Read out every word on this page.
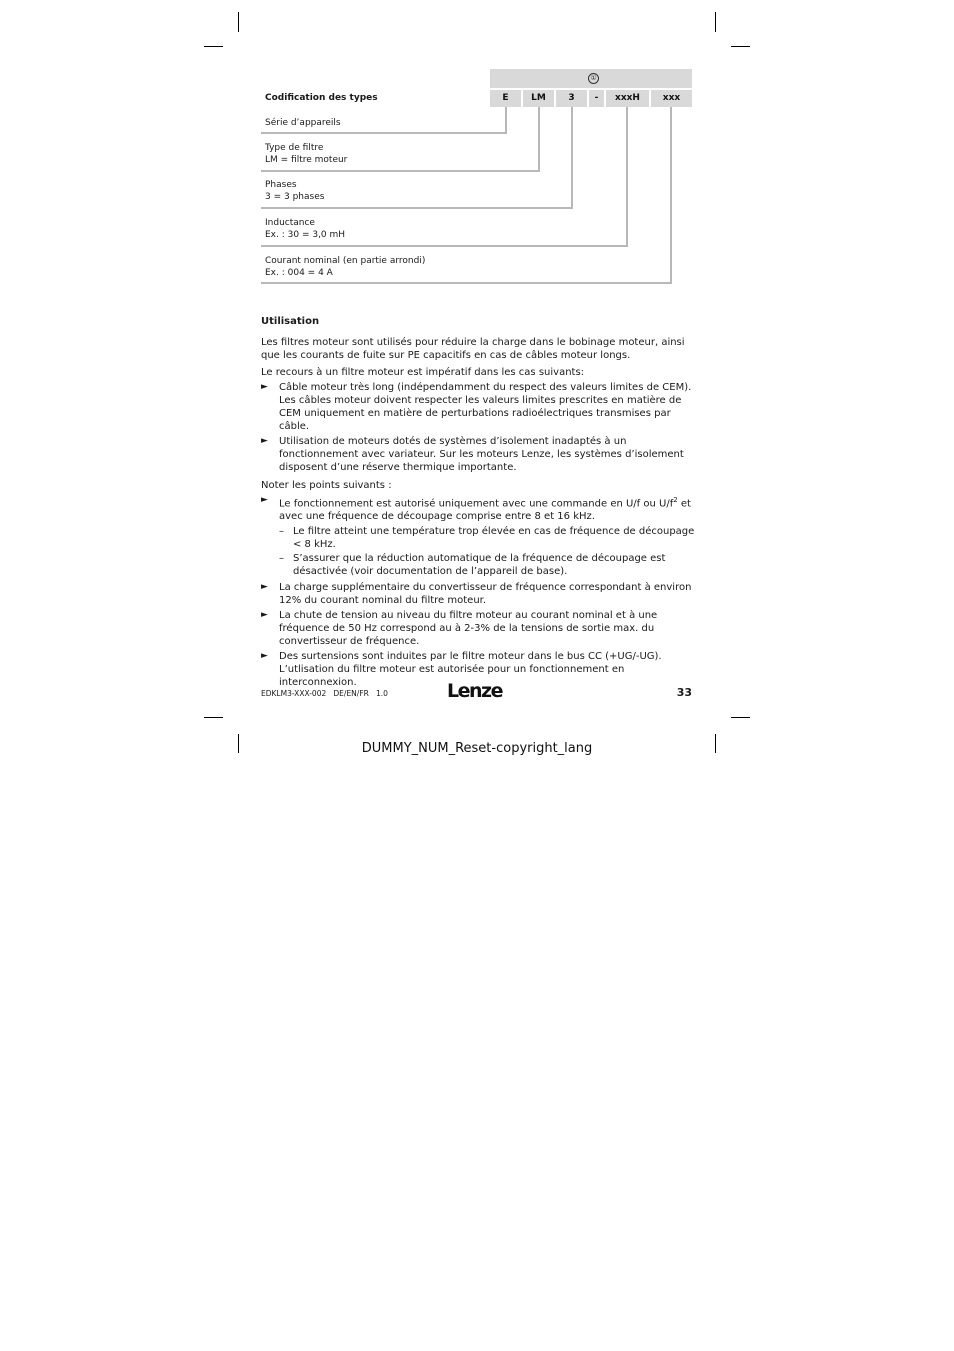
①
Codification des types	E	LM	3	-	xxxH	xxx
Série d’appareils
Type de filtre
LM = filtre moteur
Phases
3 = 3 phases
Inductance
Ex. : 30 = 3,0 mH
Courant nominal (en partie arrondi)
Ex. : 004 = 4 A
Utilisation

Les filtres moteur sont utilisés pour réduire la charge dans le bobinage moteur, ainsi que les courants de fuite sur PE capacitifs en cas de câbles moteur longs.

Le recours à un filtre moteur est impératif dans les cas suivants:

► Câble moteur très long (indépendamment du respect des valeurs limites de CEM).
Les câbles moteur doivent respecter les valeurs limites prescrites en matière de CEM uniquement en matière de perturbations radioélectriques transmises par câble.
► Utilisation de moteurs dotés de systèmes d’isolement inadaptés à un fonctionnement avec variateur. Sur les moteurs Lenze, les systèmes d’isolement disposent d’une réserve thermique importante.

Noter les points suivants :

► Le fonctionnement est autorisé uniquement avec une commande en U/f ou $U/f^2$ et avec une fréquence de découpage comprise entre 8 et 16 kHz.
– Le filtre atteint une température trop élevée en cas de fréquence de découpage < 8 kHz.
– S’assurer que la réduction automatique de la fréquence de découpage est désactivée (voir documentation de l’appareil de base).
► La charge supplémentaire du convertisseur de fréquence correspondant à environ 12% du courant nominal du filtre moteur.
► La chute de tension au niveau du filtre moteur au courant nominal et à une fréquence de 50 Hz correspond au à 2-3% de la tensions de sortie max. du convertisseur de fréquence.
► Des surtensions sont induites par le filtre moteur dans le bus CC (+UG/-UG). L’utlisation du filtre moteur est autorisée pour un fonctionnement en interconnexion.
EDKLM3-XXX-002   DE/EN/FR   1.0	Lenze	33
DUMMY_NUM_Reset-copyright_lang
